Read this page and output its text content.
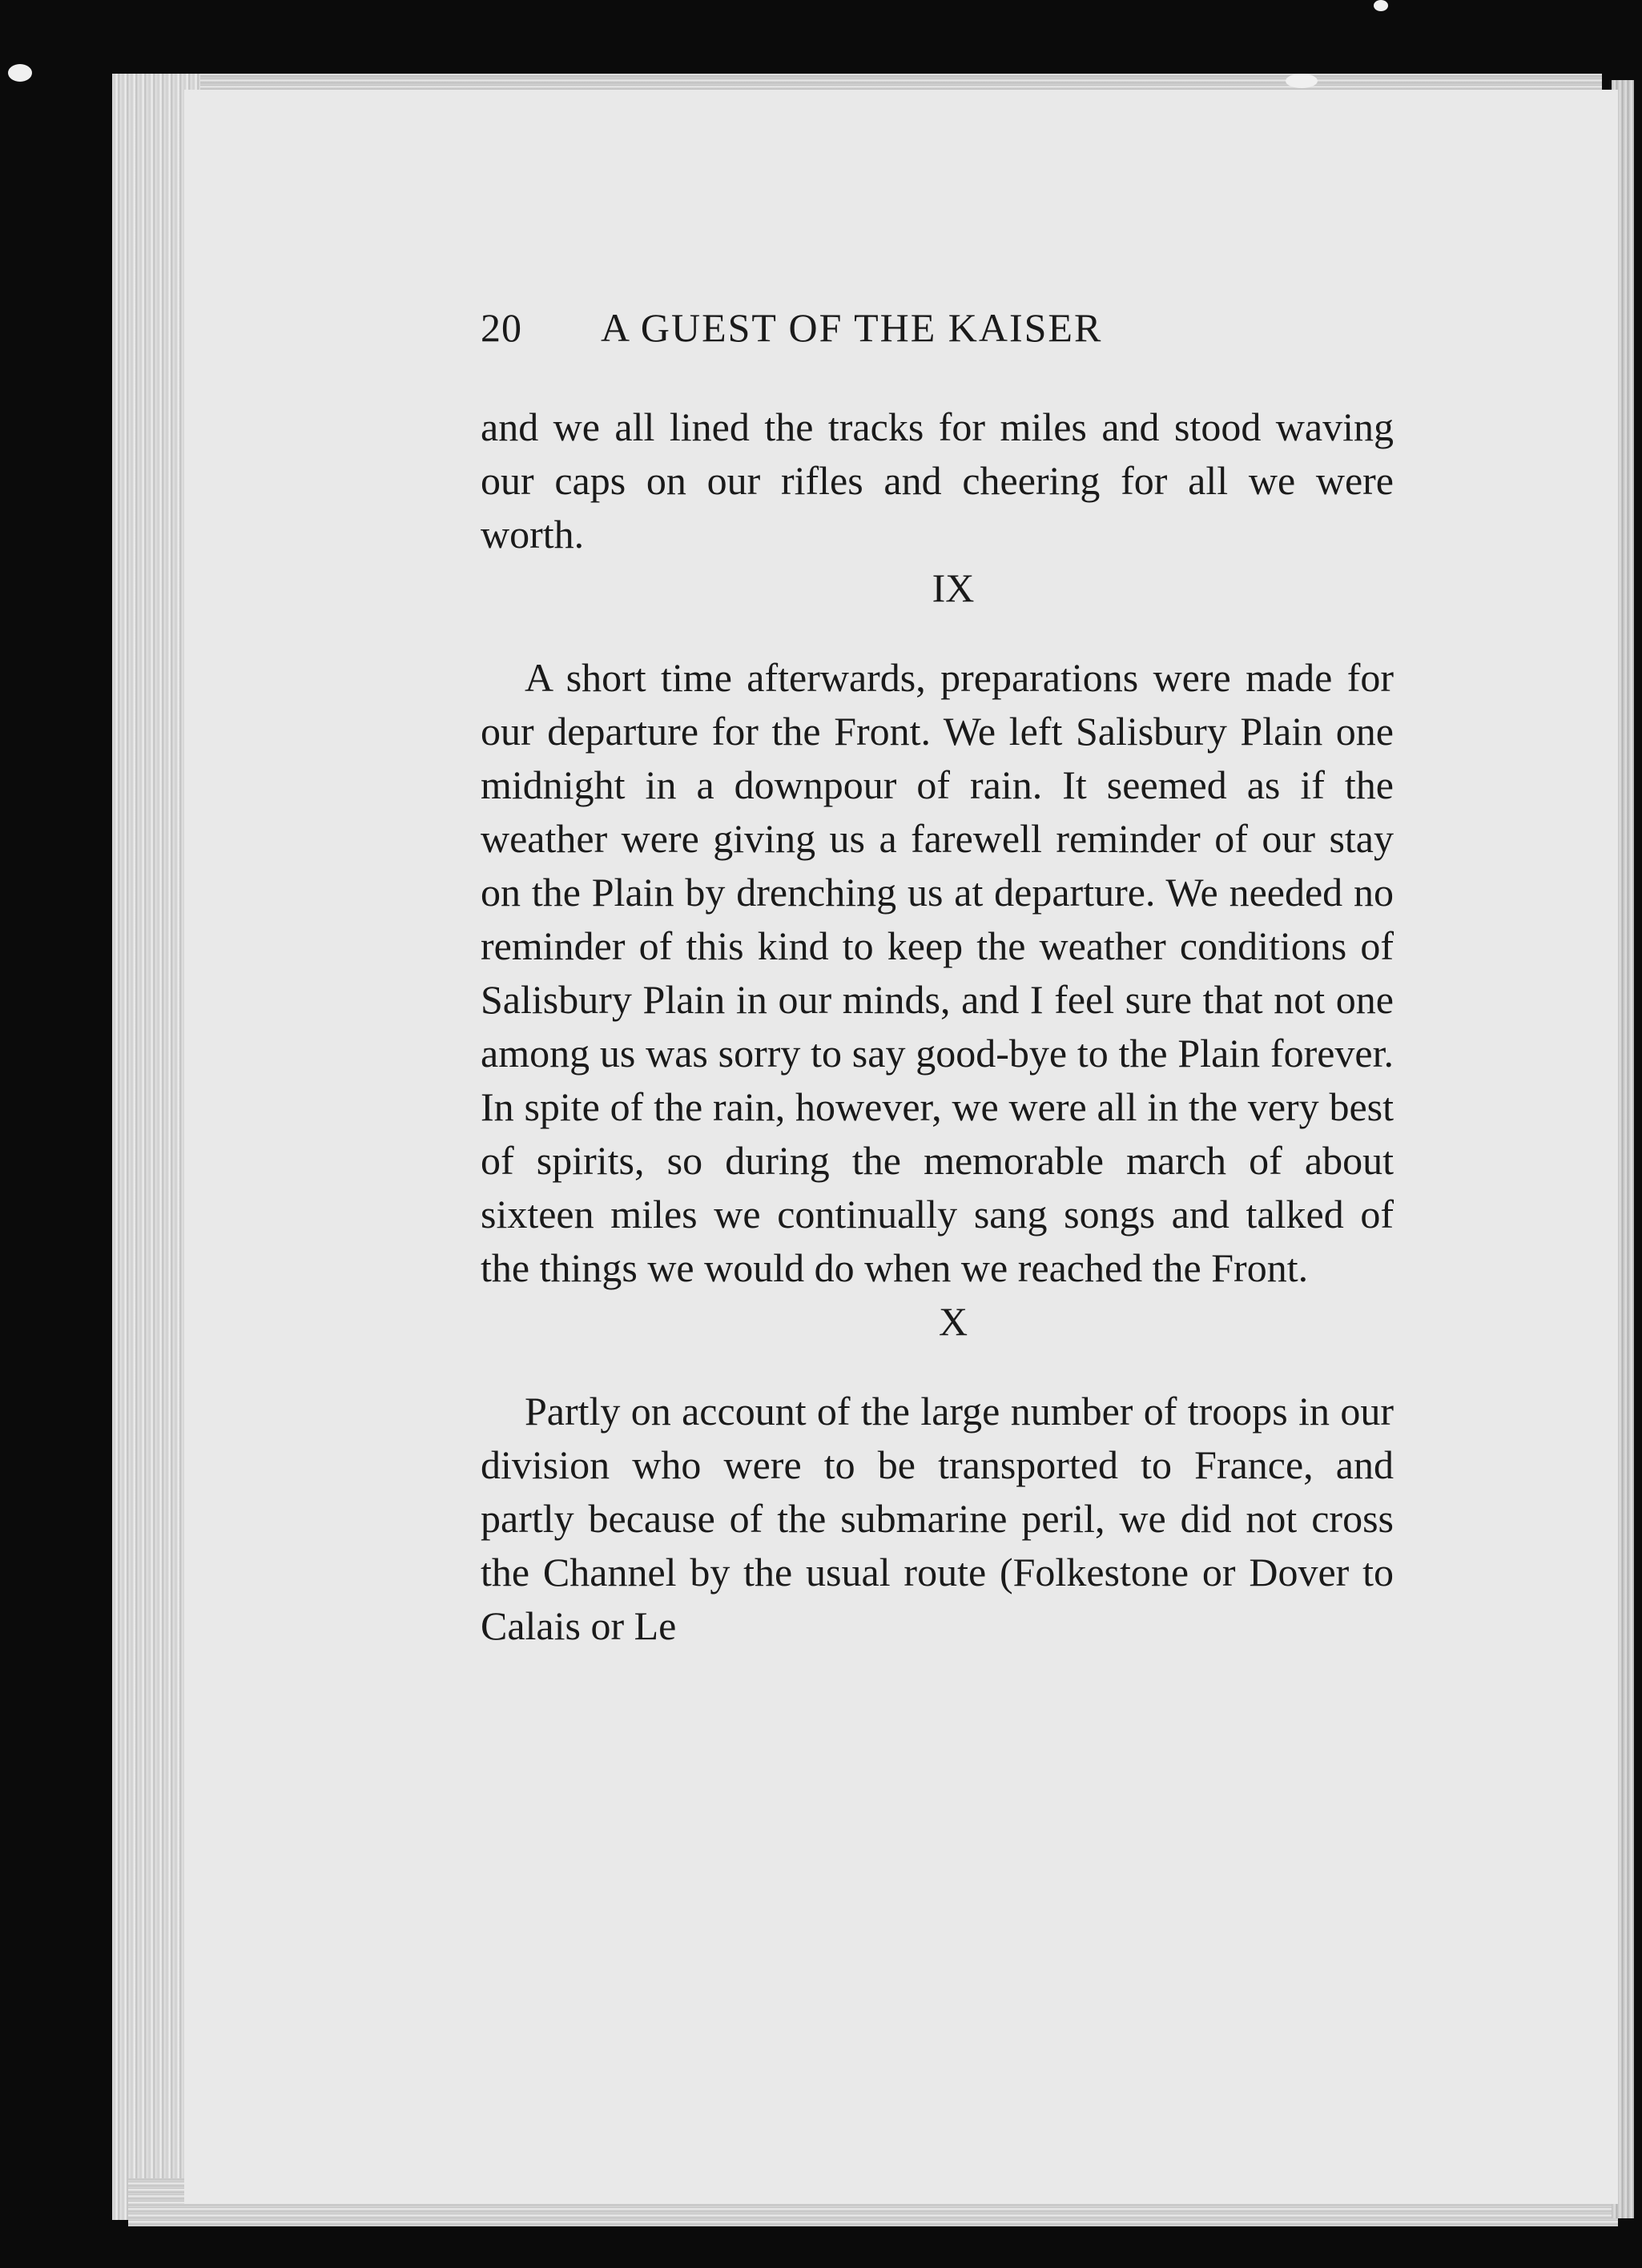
20	A GUEST OF THE KAISER

and we all lined the tracks for miles and stood waving our caps on our rifles and cheering for all we were worth.

IX

A short time afterwards, preparations were made for our departure for the Front. We left Salisbury Plain one midnight in a downpour of rain. It seemed as if the weather were giving us a farewell reminder of our stay on the Plain by drenching us at departure. We needed no reminder of this kind to keep the weather conditions of Salisbury Plain in our minds, and I feel sure that not one among us was sorry to say good-bye to the Plain forever. In spite of the rain, however, we were all in the very best of spirits, so during the memorable march of about sixteen miles we continually sang songs and talked of the things we would do when we reached the Front.

X

Partly on account of the large number of troops in our division who were to be transported to France, and partly because of the submarine peril, we did not cross the Channel by the usual route (Folkestone or Dover to Calais or Le
